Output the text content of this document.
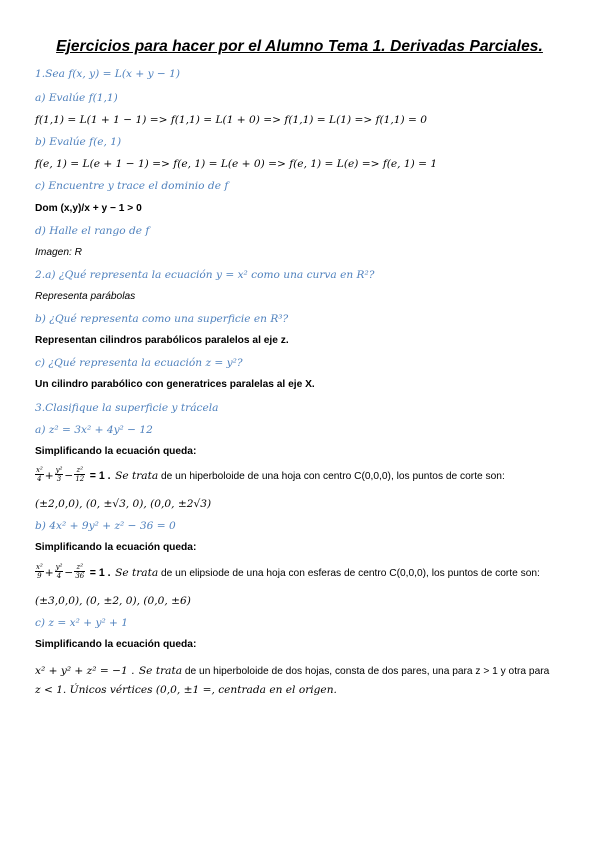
Ejercicios para hacer por el Alumno Tema 1. Derivadas Parciales.
1.Sea f(x, y) = L(x + y − 1)
a) Evalúe f(1,1)
f(1,1) = L(1 + 1 − 1) => f(1,1) = L(1 + 0) => f(1,1) = L(1) => f(1,1) = 0
b) Evalúe f(e, 1)
f(e, 1) = L(e + 1 − 1) => f(e, 1) = L(e + 0) => f(e, 1) = L(e) => f(e, 1) = 1
c) Encuentre y trace el dominio de f
Dom (x,y)/x + y − 1 > 0
d) Halle el rango de f
Imagen: R
2.a) ¿Qué representa la ecuación y = x² como una curva en R²?
Representa parábolas
b) ¿Qué representa como una superficie en R³?
Representan cilindros parabólicos paralelos al eje z.
c) ¿Qué representa la ecuación z = y²?
Un cilindro parabólico con generatrices paralelas al eje X.
3.Clasifique la superficie y trácela
a) z² = 3x² + 4y² − 12
Simplificando la ecuación queda:
$\frac{\text{x²}}{4} + \frac{\text{y²}}{3} - \frac{\text{z²}}{12} = 1$ . Se trata de un hiperboloide de una hoja con centro C(0,0,0), los puntos de corte son:
(±2,0,0), (0, ±√3, 0), (0,0, ±2√3)
b) 4x² + 9y² + z² − 36 = 0
Simplificando la ecuación queda:
$\frac{\text{x²}}{9} + \frac{\text{y²}}{4} - \frac{\text{z²}}{36} = 1$ . Se trata de un elipsiode de una hoja con esferas de centro C(0,0,0), los puntos de corte son:
(±3,0,0), (0, ±2, 0), (0,0, ±6)
c) z = x² + y² + 1
Simplificando la ecuación queda:
x² + y² + z² = −1 . Se trata de un hiperboloide de dos hojas, consta de dos pares, una para z > 1 y otra para
z < 1. Únicos vértices (0,0, ±1 =, centrada en el origen.
